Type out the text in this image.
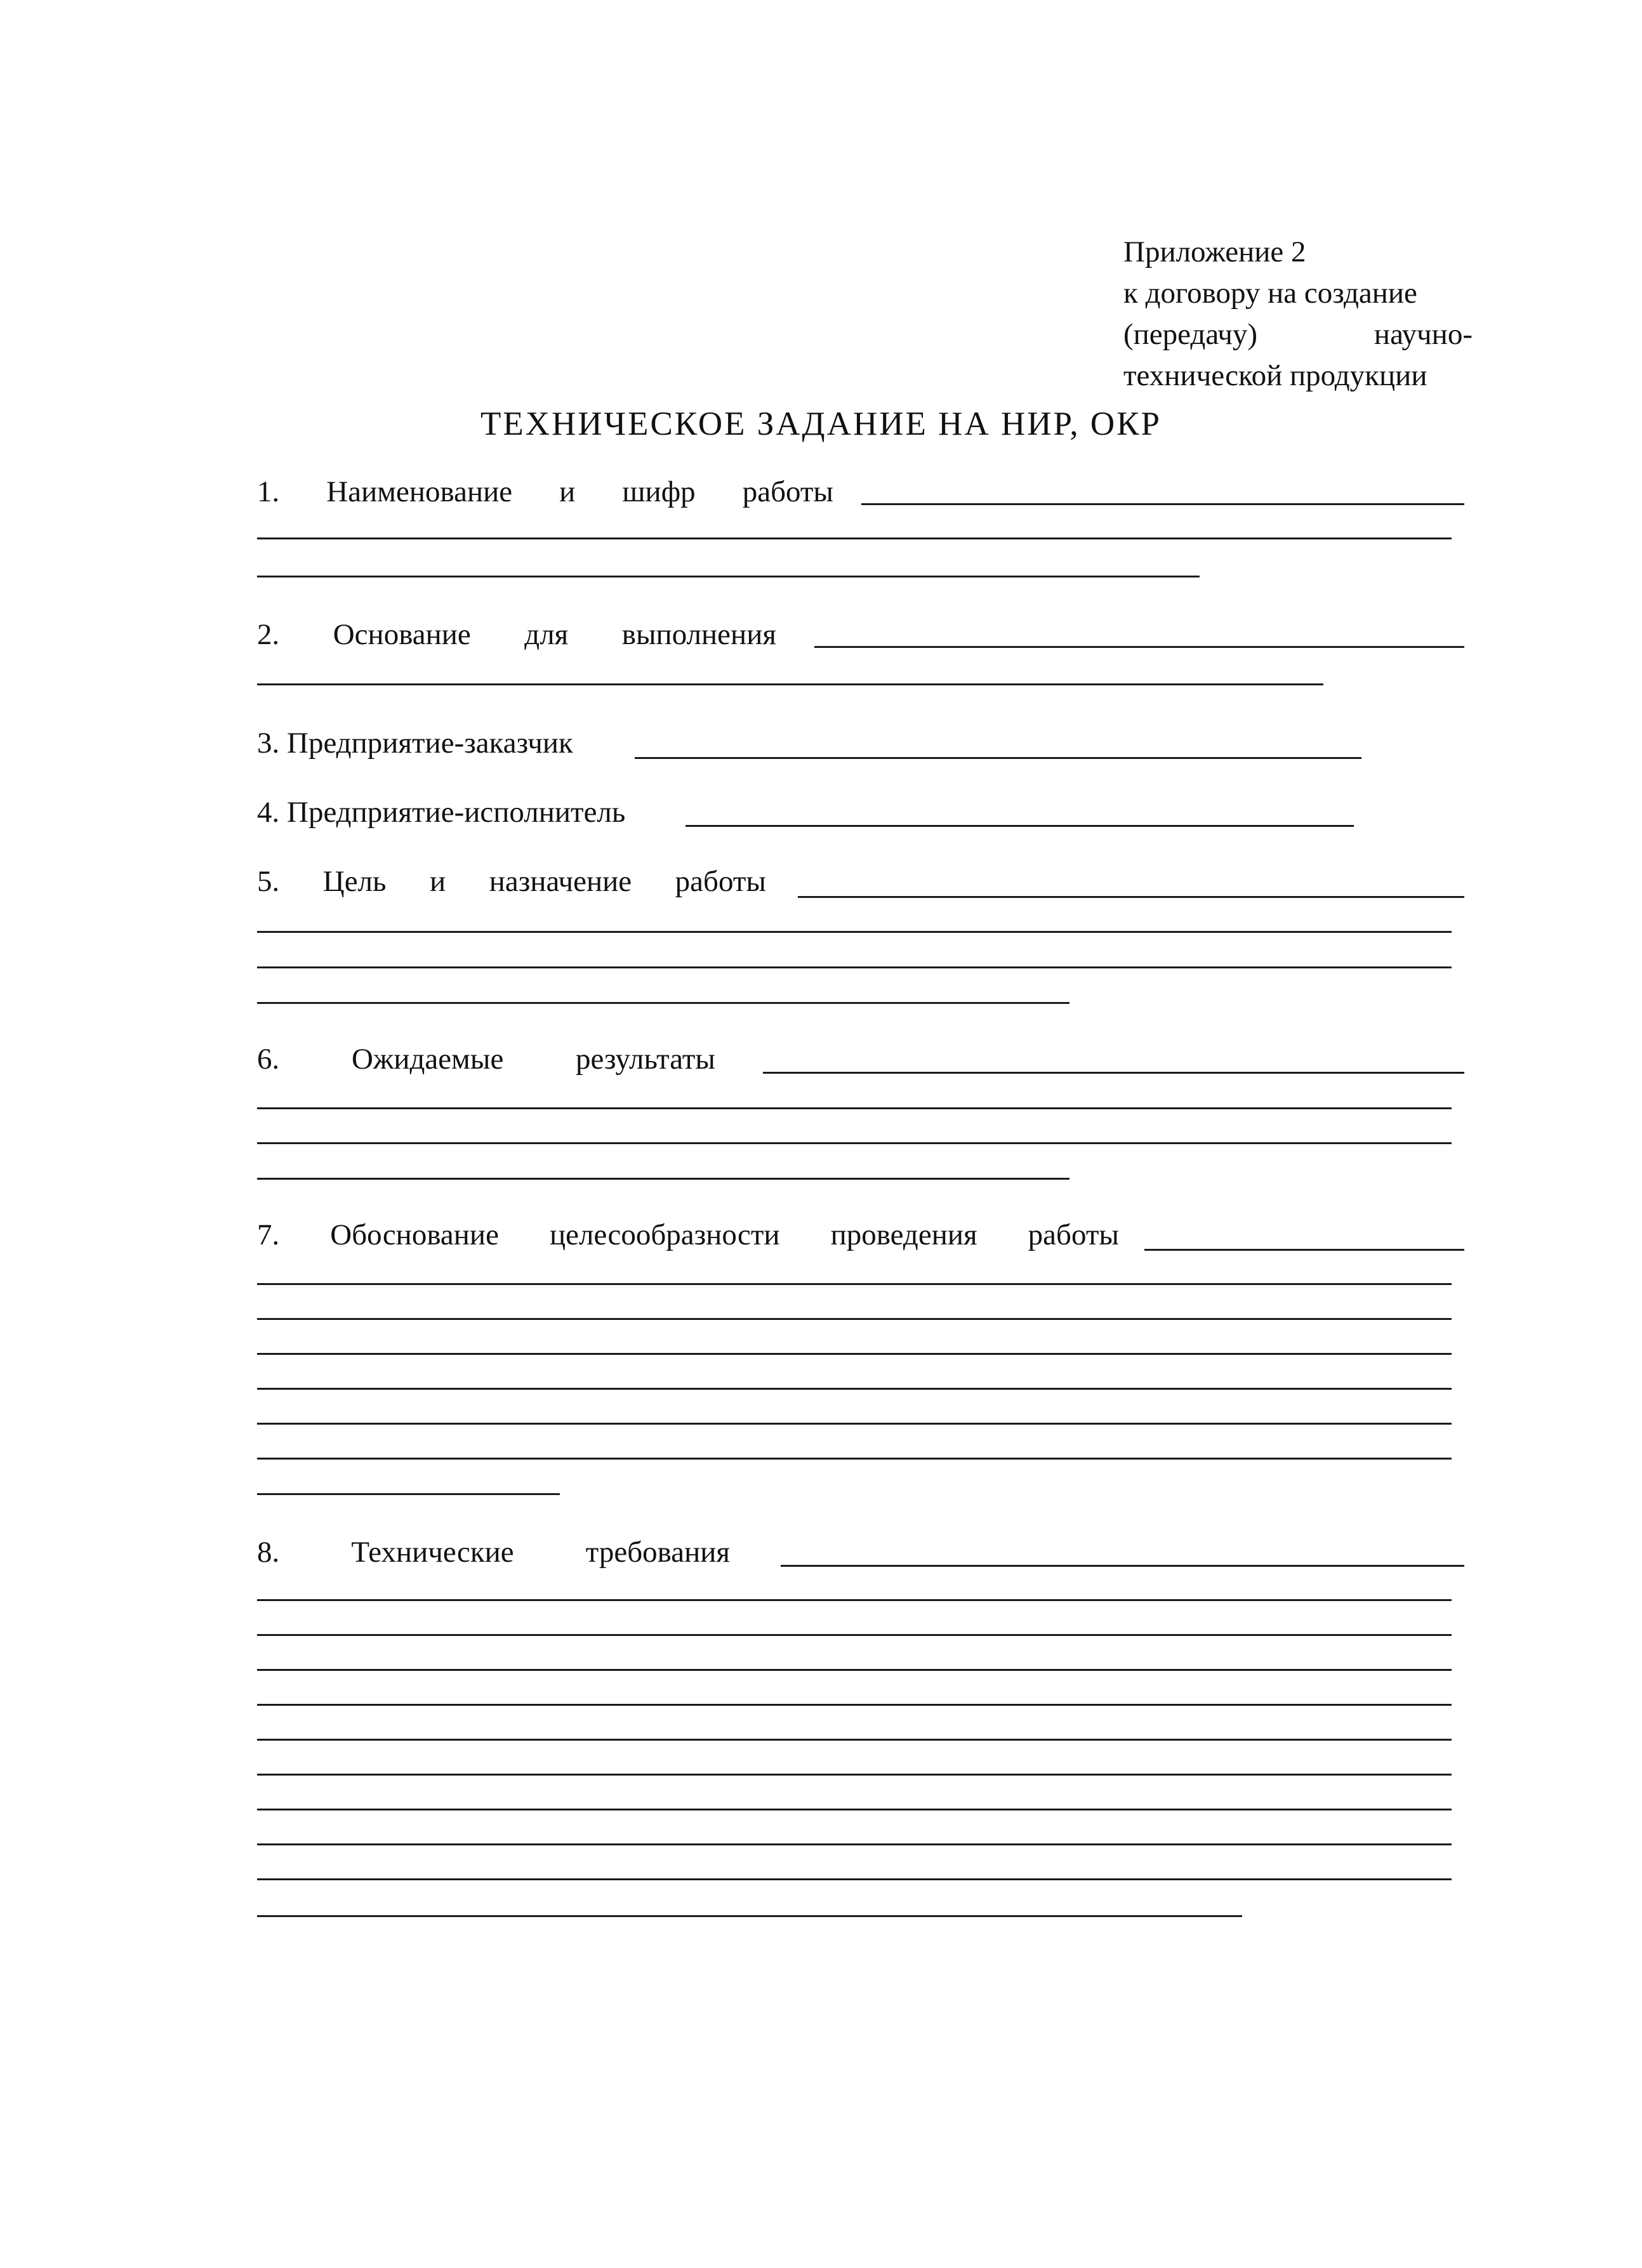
Приложение 2
к договору на создание
(передачу)	научно-
технической продукции
ТЕХНИЧЕСКОЕ ЗАДАНИЕ НА НИР, ОКР
1. Наименование и шифр работы
2. Основание для выполнения
3. Предприятие-заказчик
4. Предприятие-исполнитель
5. Цель и назначение работы
6. Ожидаемые результаты
7. Обоснование целесообразности проведения работы
8. Технические требования
